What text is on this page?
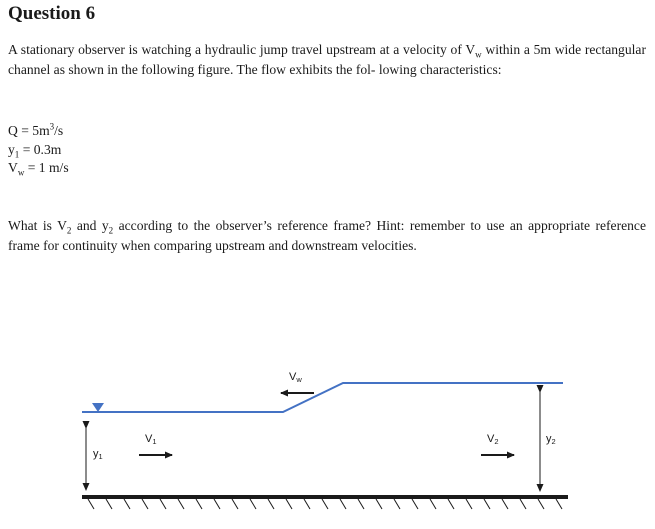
Question 6
A stationary observer is watching a hydraulic jump travel upstream at a velocity of $V_w$ within a 5m wide rectangular channel as shown in the following figure. The flow exhibits the fol- lowing characteristics:
$Q = 5m^3/s$
$y_1 = 0.3m$
$V_w = 1$ m/s
What is $V_2$ and $y_2$ according to the observer’s reference frame? Hint: remember to use an appropriate reference frame for continuity when comparing upstream and downstream velocities.
Vw
y1
V1	V2	y2
